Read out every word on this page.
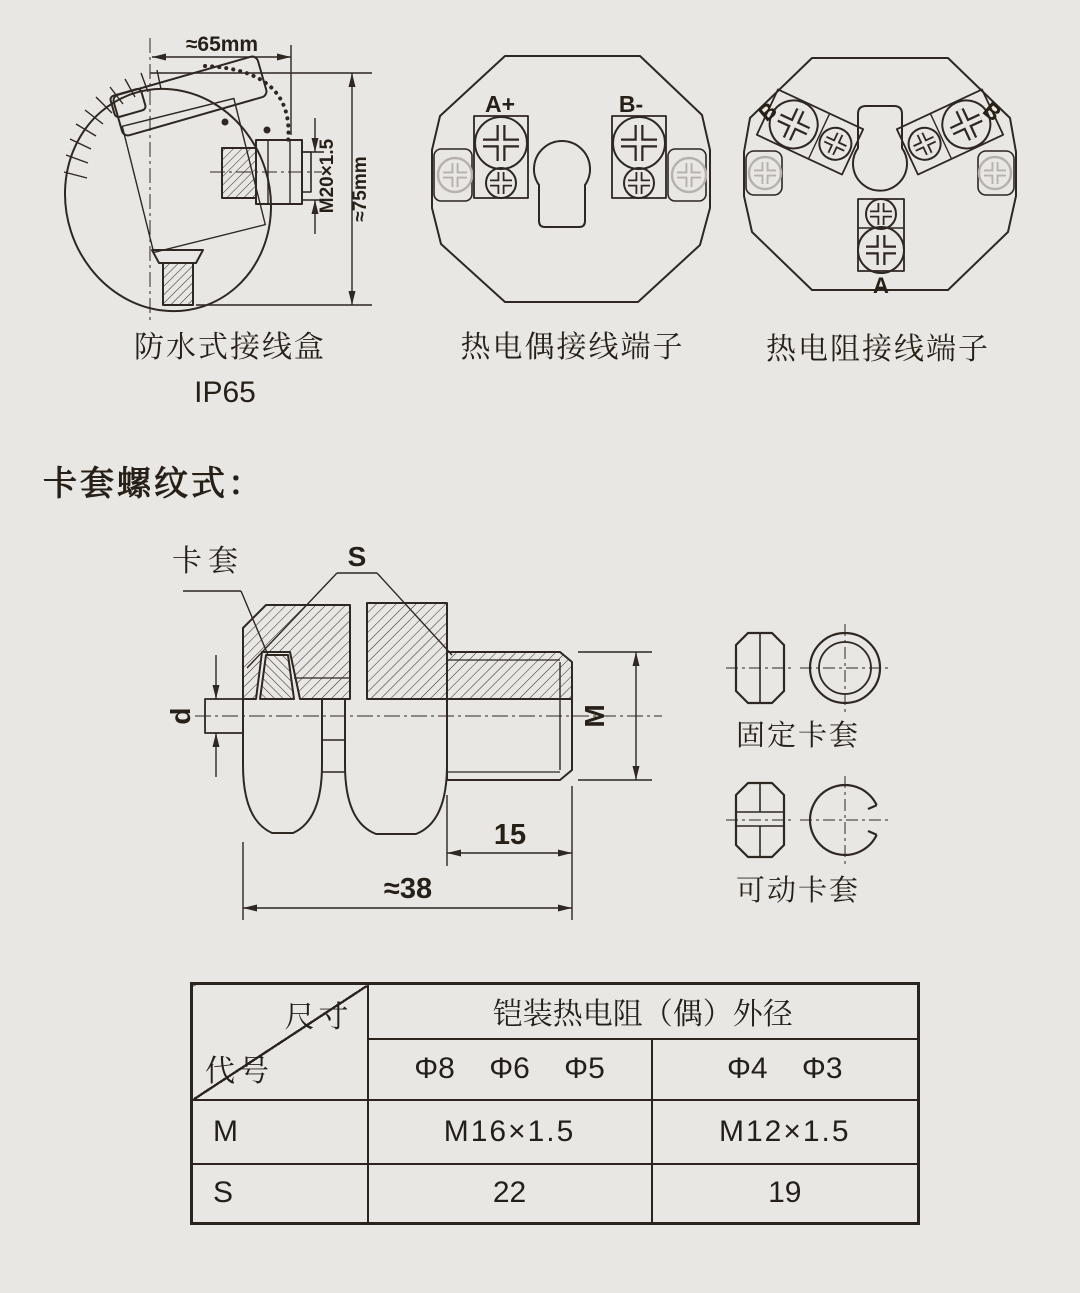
≈65mm
M20×1.5 ≈75mm
防水式接线盒
IP65
A+	B-
热电偶接线端子
B	B
A
热电阻接线端子
卡套螺纹式：
S
d	M
15
≈38
卡套
固定卡套
可动卡套
尺寸
代号	铠装热电阻（偶）外径	
	Φ8 Φ6 Φ5	Φ4 Φ3
M	M16×1.5	M12×1.5
S	22	19
